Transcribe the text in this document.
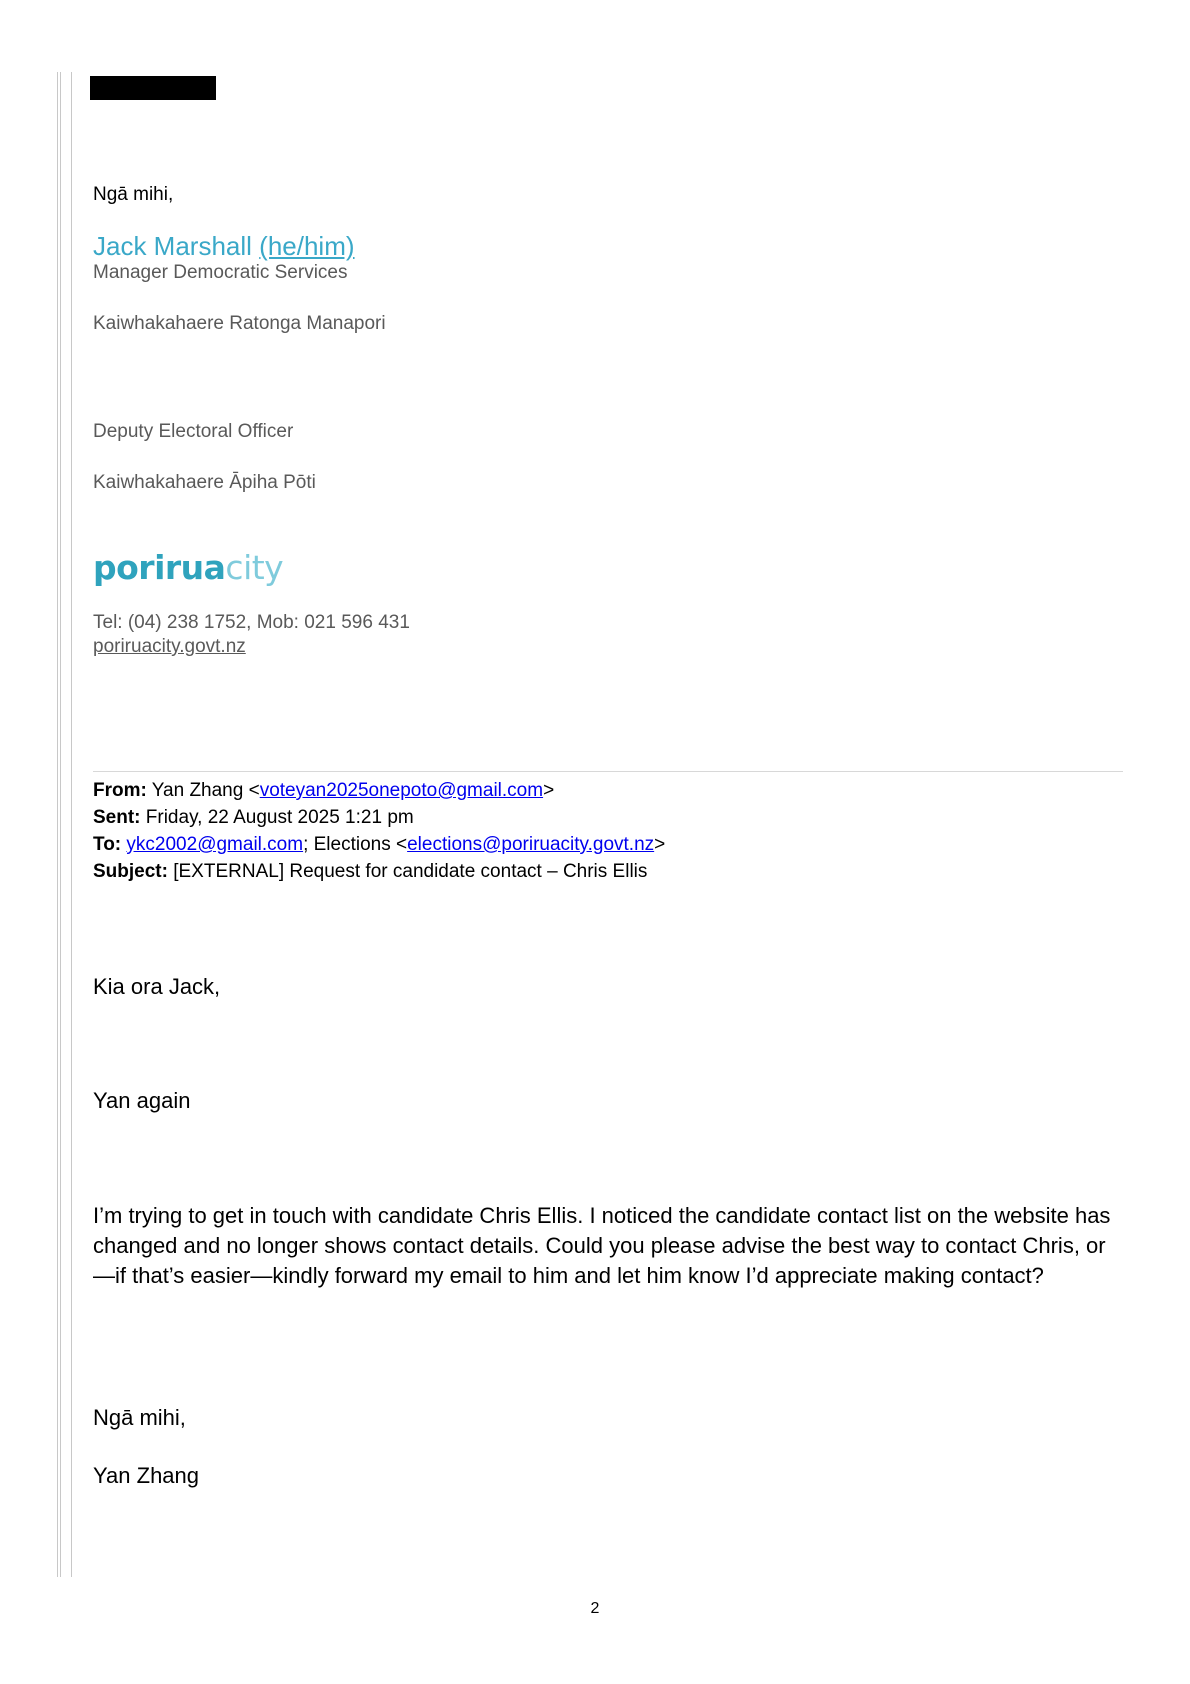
Ngā mihi,
Jack Marshall (he/him)
Manager Democratic Services
Kaiwhakahaere Ratonga Manapori
Deputy Electoral Officer
Kaiwhakahaere Āpiha Pōti
poriruacity
Tel: (04) 238 1752, Mob: 021 596 431
poriruacity.govt.nz
From: Yan Zhang <voteyan2025onepoto@gmail.com>
Sent: Friday, 22 August 2025 1:21 pm
To: ykc2002@gmail.com; Elections <elections@poriruacity.govt.nz>
Subject: [EXTERNAL] Request for candidate contact – Chris Ellis
Kia ora Jack,
Yan again
I’m trying to get in touch with candidate Chris Ellis. I noticed the candidate contact list on the website has changed and no longer shows contact details. Could you please advise the best way to contact Chris, or—if that’s easier—kindly forward my email to him and let him know I’d appreciate making contact?
Ngā mihi,
Yan Zhang
2
